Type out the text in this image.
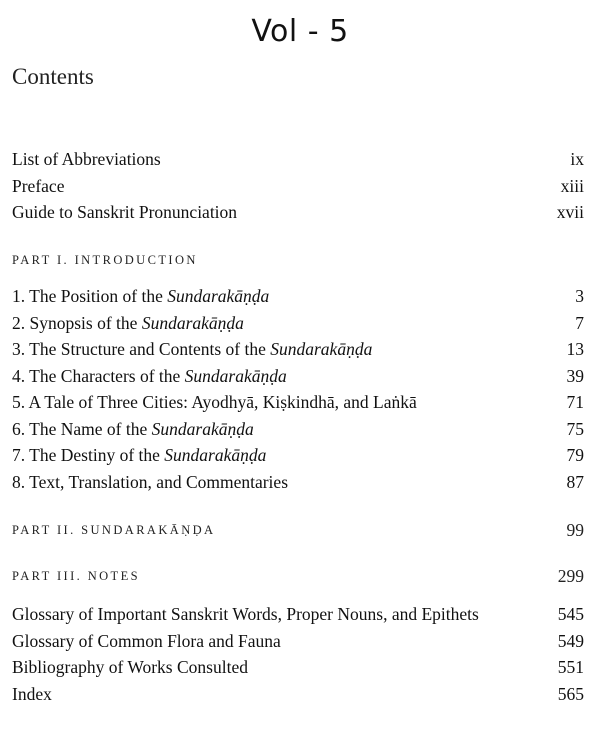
Vol - 5
Contents
List of Abbreviations	ix
Preface	xiii
Guide to Sanskrit Pronunciation	xvii
PART I. INTRODUCTION
1. The Position of the Sundarakāṇḍa	3
2. Synopsis of the Sundarakāṇḍa	7
3. The Structure and Contents of the Sundarakāṇḍa	13
4. The Characters of the Sundarakāṇḍa	39
5. A Tale of Three Cities: Ayodhyā, Kiṣkindhā, and Laṅkā	71
6. The Name of the Sundarakāṇḍa	75
7. The Destiny of the Sundarakāṇḍa	79
8. Text, Translation, and Commentaries	87
PART II. SUNDARAKĀṆḌA	99
PART III. NOTES	299
Glossary of Important Sanskrit Words, Proper Nouns, and Epithets	545
Glossary of Common Flora and Fauna	549
Bibliography of Works Consulted	551
Index	565
